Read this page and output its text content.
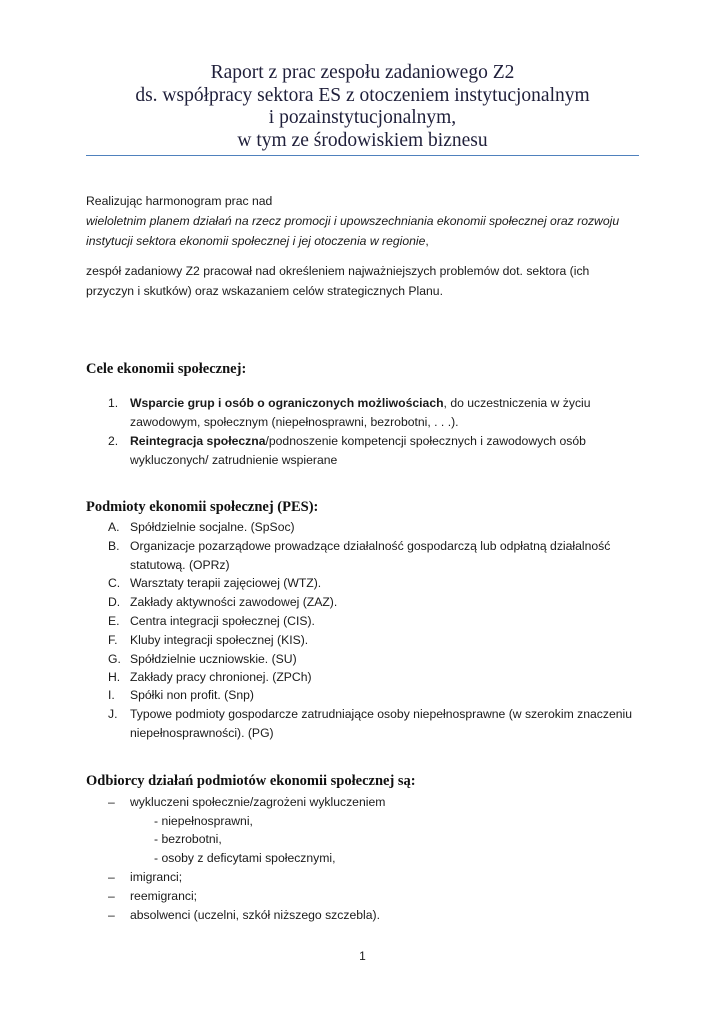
Raport z prac zespołu zadaniowego Z2
ds. współpracy sektora ES z otoczeniem instytucjonalnym
i pozainstytucjonalnym,
w tym ze środowiskiem biznesu
Realizując harmonogram prac nad
wieloletnim planem działań na rzecz promocji i upowszechniania ekonomii społecznej oraz rozwoju
instytucji sektora ekonomii społecznej i jej otoczenia w regionie,
zespół zadaniowy Z2 pracował nad określeniem najważniejszych problemów dot. sektora (ich
przyczyn i skutków) oraz wskazaniem celów strategicznych Planu.
Cele ekonomii społecznej:
1. Wsparcie grup i osób o ograniczonych możliwościach, do uczestniczenia w życiu
zawodowym, społecznym (niepełnosprawni, bezrobotni, . . .).
2. Reintegracja społeczna/podnoszenie kompetencji społecznych i zawodowych osób
wykluczonych/ zatrudnienie wspierane
Podmioty ekonomii społecznej (PES):
A. Spółdzielnie socjalne. (SpSoc)
B. Organizacje pozarządowe prowadzące działalność gospodarczą lub odpłatną działalność
statutową. (OPRz)
C. Warsztaty terapii zajęciowej (WTZ).
D. Zakłady aktywności zawodowej (ZAZ).
E. Centra integracji społecznej (CIS).
F. Kluby integracji społecznej (KIS).
G. Spółdzielnie uczniowskie. (SU)
H. Zakłady pracy chronionej. (ZPCh)
I. Spółki non profit. (Snp)
J. Typowe podmioty gospodarcze zatrudniające osoby niepełnosprawne (w szerokim znaczeniu
niepełnosprawności). (PG)
Odbiorcy działań podmiotów ekonomii społecznej są:
– wykluczeni społecznie/zagrożeni wykluczeniem
- niepełnosprawni,
- bezrobotni,
- osoby z deficytami społecznymi,
– imigranci;
– reemigranci;
– absolwenci (uczelni, szkół niższego szczebla).
1
